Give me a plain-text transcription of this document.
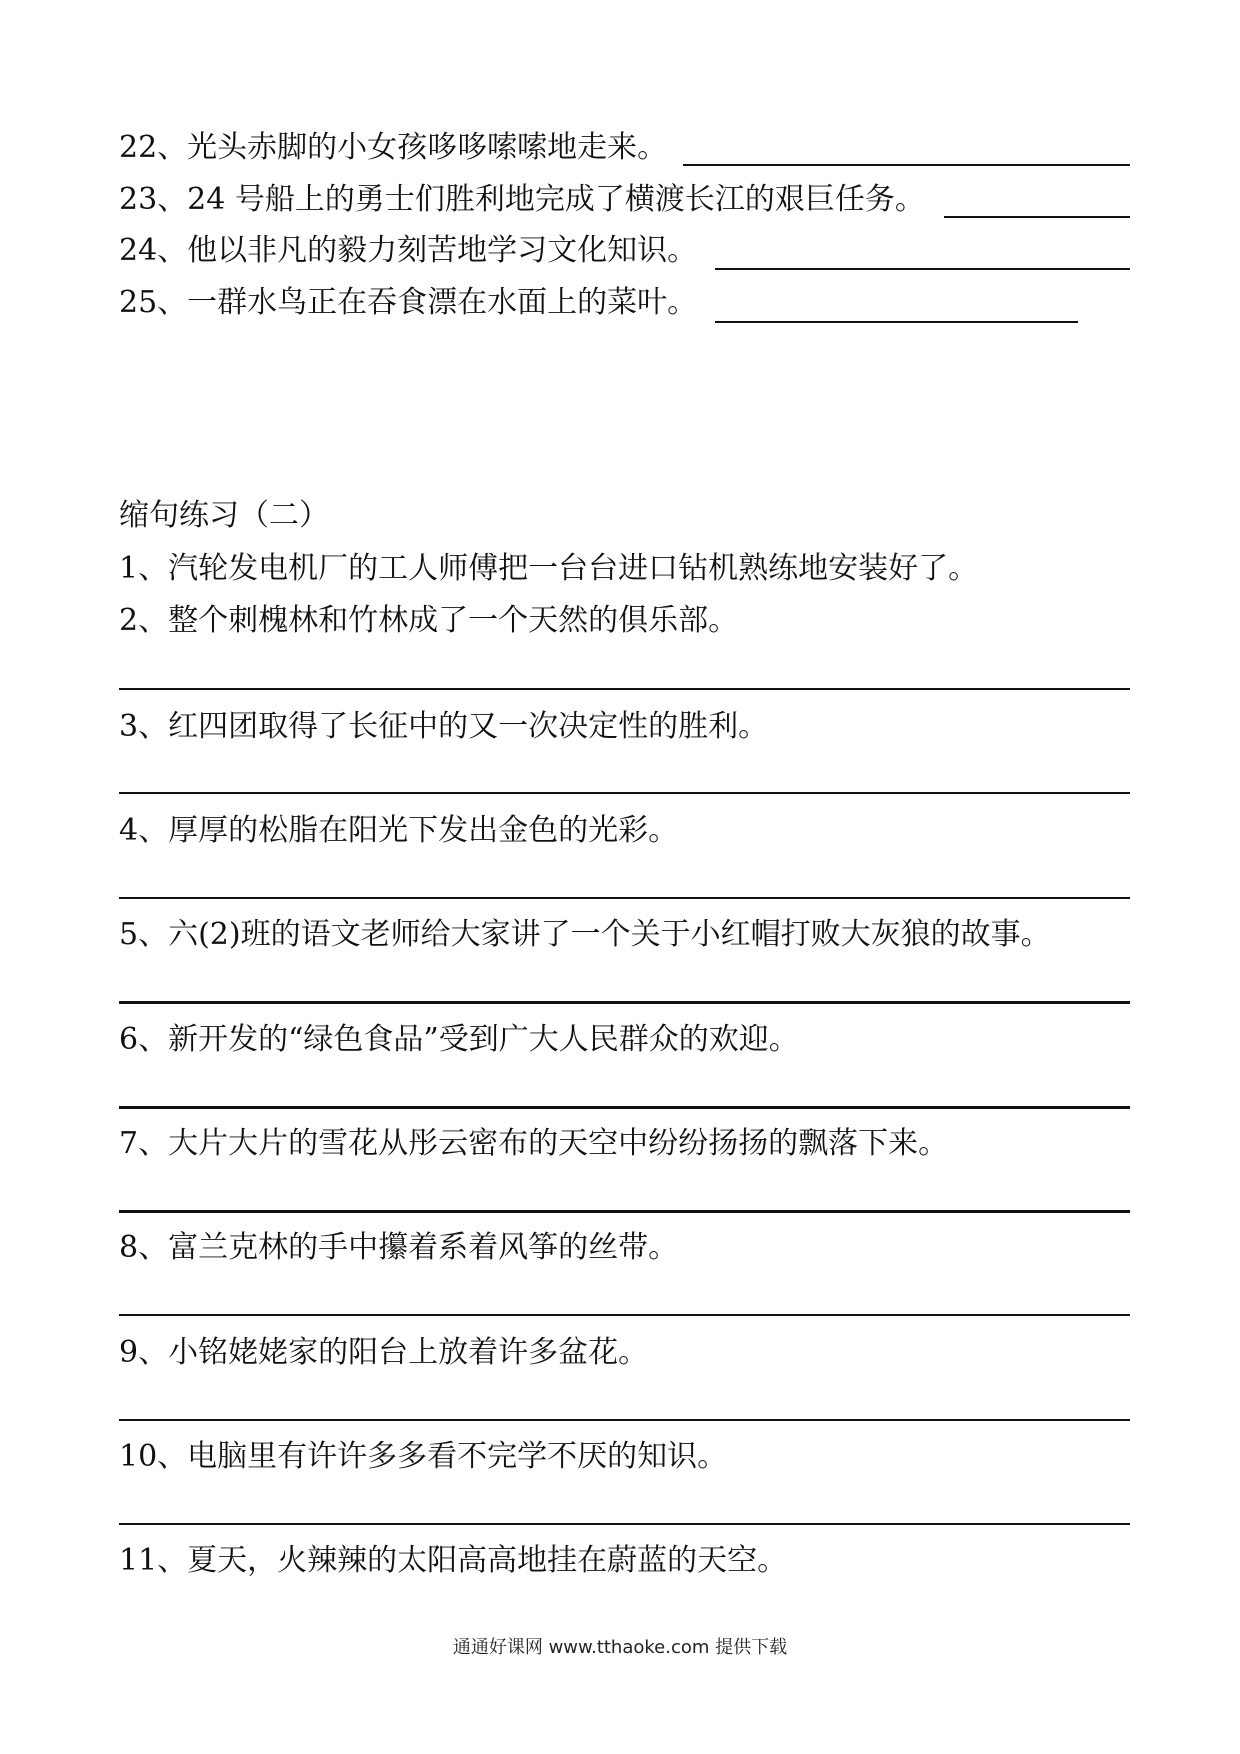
22、光头赤脚的小女孩哆哆嗦嗦地走来。
23、24 号船上的勇士们胜利地完成了横渡长江的艰巨任务。
24、他以非凡的毅力刻苦地学习文化知识。
25、一群水鸟正在吞食漂在水面上的菜叶。
缩句练习（二）
1、汽轮发电机厂的工人师傅把一台台进口钻机熟练地安装好了。
2、整个刺槐林和竹林成了一个天然的俱乐部。
3、红四团取得了长征中的又一次决定性的胜利。
4、厚厚的松脂在阳光下发出金色的光彩。
5、六(2)班的语文老师给大家讲了一个关于小红帽打败大灰狼的故事。
6、新开发的“绿色食品”受到广大人民群众的欢迎。
7、大片大片的雪花从彤云密布的天空中纷纷扬扬的飘落下来。
8、富兰克林的手中攥着系着风筝的丝带。
9、小铭姥姥家的阳台上放着许多盆花。
10、电脑里有许许多多看不完学不厌的知识。
11、夏天，火辣辣的太阳高高地挂在蔚蓝的天空。
通通好课网 www.tthaoke.com 提供下载
